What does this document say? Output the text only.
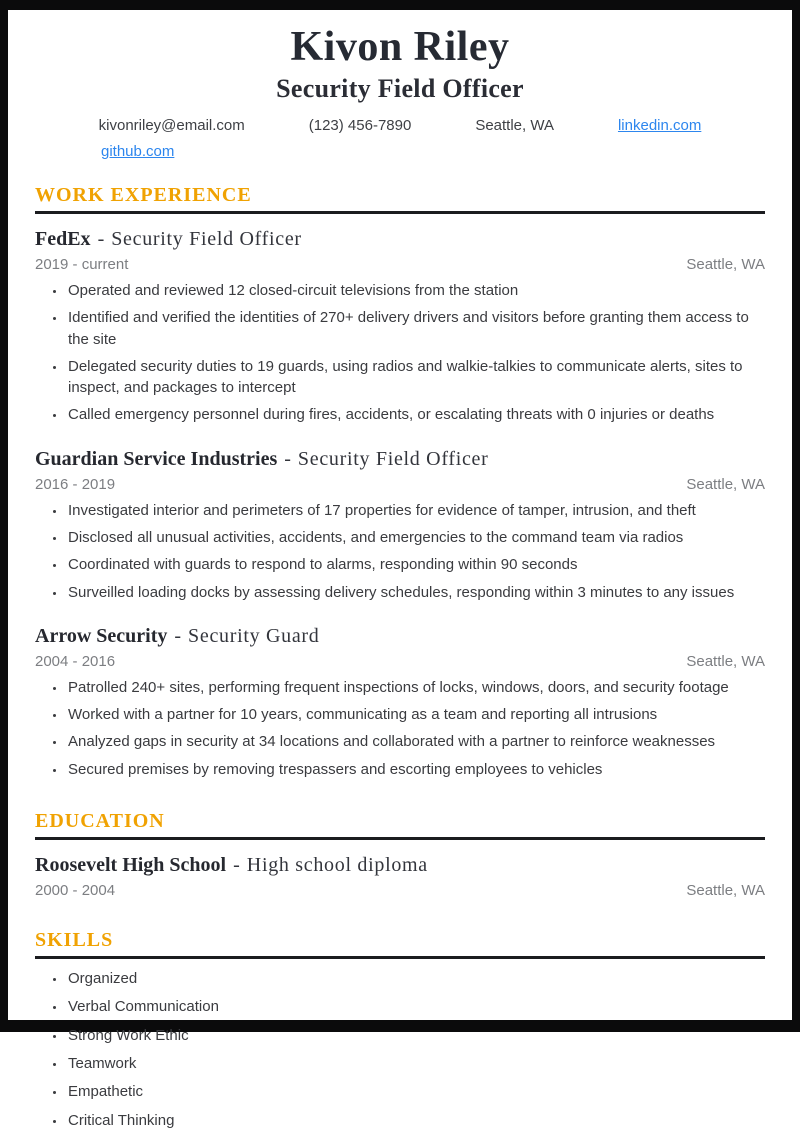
Kivon Riley
Security Field Officer
kivonriley@email.com	(123) 456-7890	Seattle, WA	linkedin.com
github.com
WORK EXPERIENCE
FedEx - Security Field Officer
2019 - current	Seattle, WA
• Operated and reviewed 12 closed-circuit televisions from the station
• Identified and verified the identities of 270+ delivery drivers and visitors before granting them access to the site
• Delegated security duties to 19 guards, using radios and walkie-talkies to communicate alerts, sites to inspect, and packages to intercept
• Called emergency personnel during fires, accidents, or escalating threats with 0 injuries or deaths
Guardian Service Industries - Security Field Officer
2016 - 2019	Seattle, WA
• Investigated interior and perimeters of 17 properties for evidence of tamper, intrusion, and theft
• Disclosed all unusual activities, accidents, and emergencies to the command team via radios
• Coordinated with guards to respond to alarms, responding within 90 seconds
• Surveilled loading docks by assessing delivery schedules, responding within 3 minutes to any issues
Arrow Security - Security Guard
2004 - 2016	Seattle, WA
• Patrolled 240+ sites, performing frequent inspections of locks, windows, doors, and security footage
• Worked with a partner for 10 years, communicating as a team and reporting all intrusions
• Analyzed gaps in security at 34 locations and collaborated with a partner to reinforce weaknesses
• Secured premises by removing trespassers and escorting employees to vehicles
EDUCATION
Roosevelt High School - High school diploma
2000 - 2004	Seattle, WA
SKILLS
• Organized
• Verbal Communication
• Strong Work Ethic
• Teamwork
• Empathetic
• Critical Thinking
